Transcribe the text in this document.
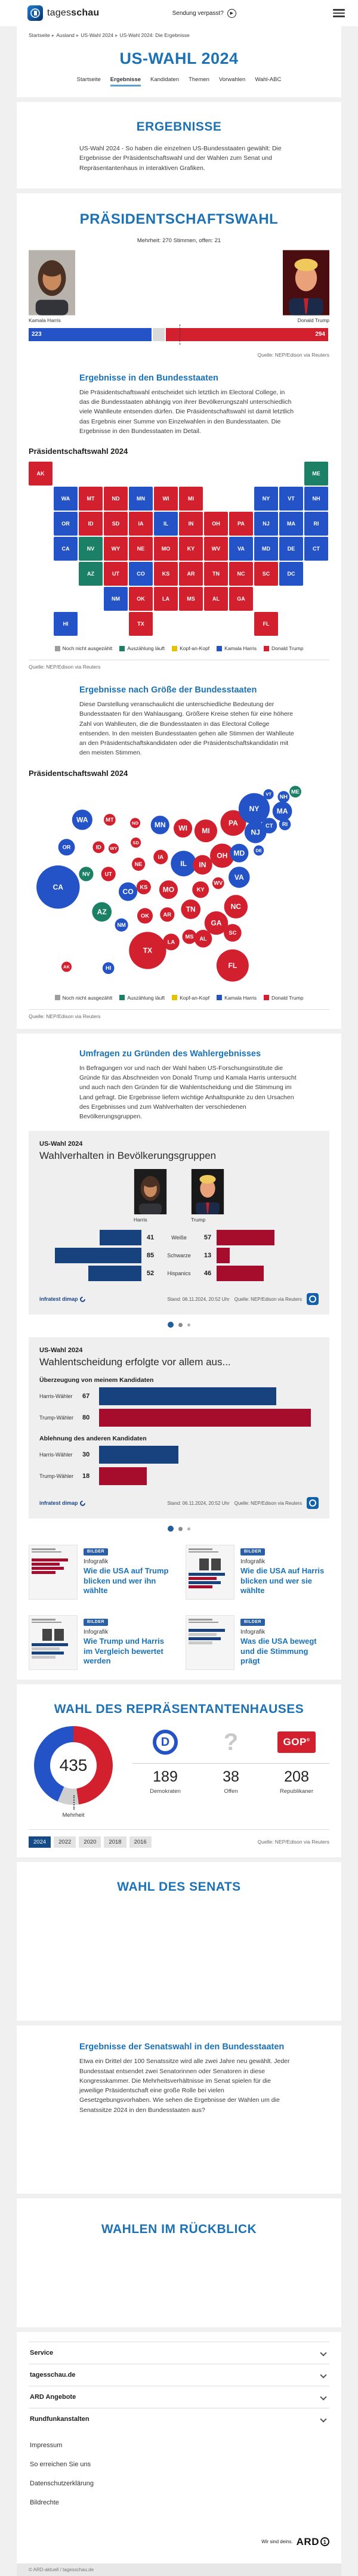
tagesschau	Sendung verpasst?	▶
Startseite ▸ Ausland ▸ US-Wahl 2024 ▸ US-Wahl 2024: Die Ergebnisse
US-WAHL 2024
Startseite Ergebnisse Kandidaten Themen Vorwahlen Wahl-ABC
ERGEBNISSE

US-Wahl 2024 - So haben die einzelnen US-Bundesstaaten gewählt: Die Ergebnisse der Präsidentschaftswahl und der Wahlen zum Senat und Repräsentantenhaus in interaktiven Grafiken.

PRÄSIDENTSCHAFTSWAHL

Mehrheit: 270 Stimmen, offen: 21

Kamala Harris	Donald Trump
223	294
Quelle: NEP/Edison via Reuters
Ergebnisse in den Bundesstaaten

Die Präsidentschaftswahl entscheidet sich letztlich im Electoral College, in das die Bundesstaaten abhängig von ihrer Bevölkerungszahl unterschiedlich viele Wahlleute entsenden dürfen. Die Präsidentschaftswahl ist damit letztlich das Ergebnis einer Summe von Einzelwahlen in den Bundesstaaten. Die Ergebnisse in den Bundesstaaten im Detail.

Präsidentschaftswahl 2024
AK	ME
WA	MT	ND	MN	WI	MI	NY	VT	NH
OR	ID	SD	IA	IL	IN	OH	PA	NJ	MA	RI
CA	NV	WY	NE	MO	KY	WV	VA	MD	DE	CT
AZ	UT	CO	KS	AR	TN	NC	SC	DC
NM	OK	LA	MS	AL	GA
HI	TX	FL
Noch nicht ausgezählt	Auszählung läuft	Kopf-an-Kopf	Kamala Harris	Donald Trump
Quelle: NEP/Edison via Reuters
Ergebnisse nach Größe der Bundesstaaten

Diese Darstellung veranschaulicht die unterschiedliche Bedeutung der Bundesstaaten für den Wahlausgang. Größere Kreise stehen für eine höhere Zahl von Wahlleuten, die die Bundesstaaten in das Electoral College entsenden. In den meisten Bundesstaaten gehen alle Stimmen der Wahlleute an den Präsidentschaftskandidaten oder die Präsidentschaftskandidatin mit den meisten Stimmen.

Präsidentschaftswahl 2024
WA
OR
CA
NV
ID
MT
WY
UT
AZ
NM
CO
ND
SD
NE
KS
OK
TX
MN
IA
MO
AR
LA
WI
IL
MS
MI
IN
KY
TN
AL
OH
WV
GA
FL
SC
NC
VA
PA
MD	DE
NJ
NY
CT RI
VT NH
MA
ME
AK	HI
Noch nicht ausgezählt	Auszählung läuft	Kopf-an-Kopf	Kamala Harris	Donald Trump
Quelle: NEP/Edison via Reuters
Umfragen zu Gründen des Wahlergebnisses

In Befragungen vor und nach der Wahl haben US-Forschungsinstitute die Gründe für das Abschneiden von Donald Trump und Kamala Harris untersucht und auch nach den Gründen für die Wahlentscheidung und die Stimmung im Land gefragt. Die Ergebnisse liefern wichtige Anhaltspunkte zu den Ursachen des Ergebnisses und zum Wahlverhalten der verschiedenen Bevölkerungsgruppen.

US-Wahl 2024
Wahlverhalten in Bevölkerungsgruppen
Harris	Trump
41	Weiße	57
85	Schwarze	13
52	Hispanics	46
infratest dimap	Stand: 06.11.2024, 20:52 Uhr Quelle: NEP/Edison via Reuters
US-Wahl 2024
Wahlentscheidung erfolgte vor allem aus...
Überzeugung von meinem Kandidaten
Harris-Wähler	67
Trump-Wähler	80
Ablehnung des anderen Kandidaten
Harris-Wähler	30
Trump-Wähler	18
infratest dimap	Stand: 06.11.2024, 20:52 Uhr Quelle: NEP/Edison via Reuters
BILDER
Infografik
Wie die USA auf Trump blicken und wer ihn wählte
BILDER
Infografik
Wie die USA auf Harris blicken und wer sie wählte
BILDER
Infografik
Wie Trump und Harris im Vergleich bewertet werden
BILDER
Infografik
Was die USA bewegt und die Stimmung prägt
WAHL DES REPRÄSENTANTENHAUSES
435
Mehrheit
D
189
Demokraten
?
38
Offen
GOP®
208
Republikaner
2024 2022 2020 2018 2016	Quelle: NEP/Edison via Reuters
WAHL DES SENATS
Ergebnisse der Senatswahl in den Bundesstaaten

Etwa ein Drittel der 100 Senatssitze wird alle zwei Jahre neu gewählt. Jeder Bundesstaat entsendet zwei Senatorinnen oder Senatoren in diese Kongresskammer. Die Mehrheitsverhältnisse im Senat spielen für die jeweilige Präsidentschaft eine große Rolle bei vielen Gesetzgebungsvorhaben. Wie sehen die Ergebnisse der Wahlen um die Senatssitze 2024 in den Bundesstaaten aus?

WAHLEN IM RÜCKBLICK
Service
tagesschau.de
ARD Angebote
Rundfunkanstalten
Impressum
So erreichen Sie uns
Datenschutzerklärung
Bildrechte
Wir sind deins. ARD 1
© ARD-aktuell / tagesschau.de
